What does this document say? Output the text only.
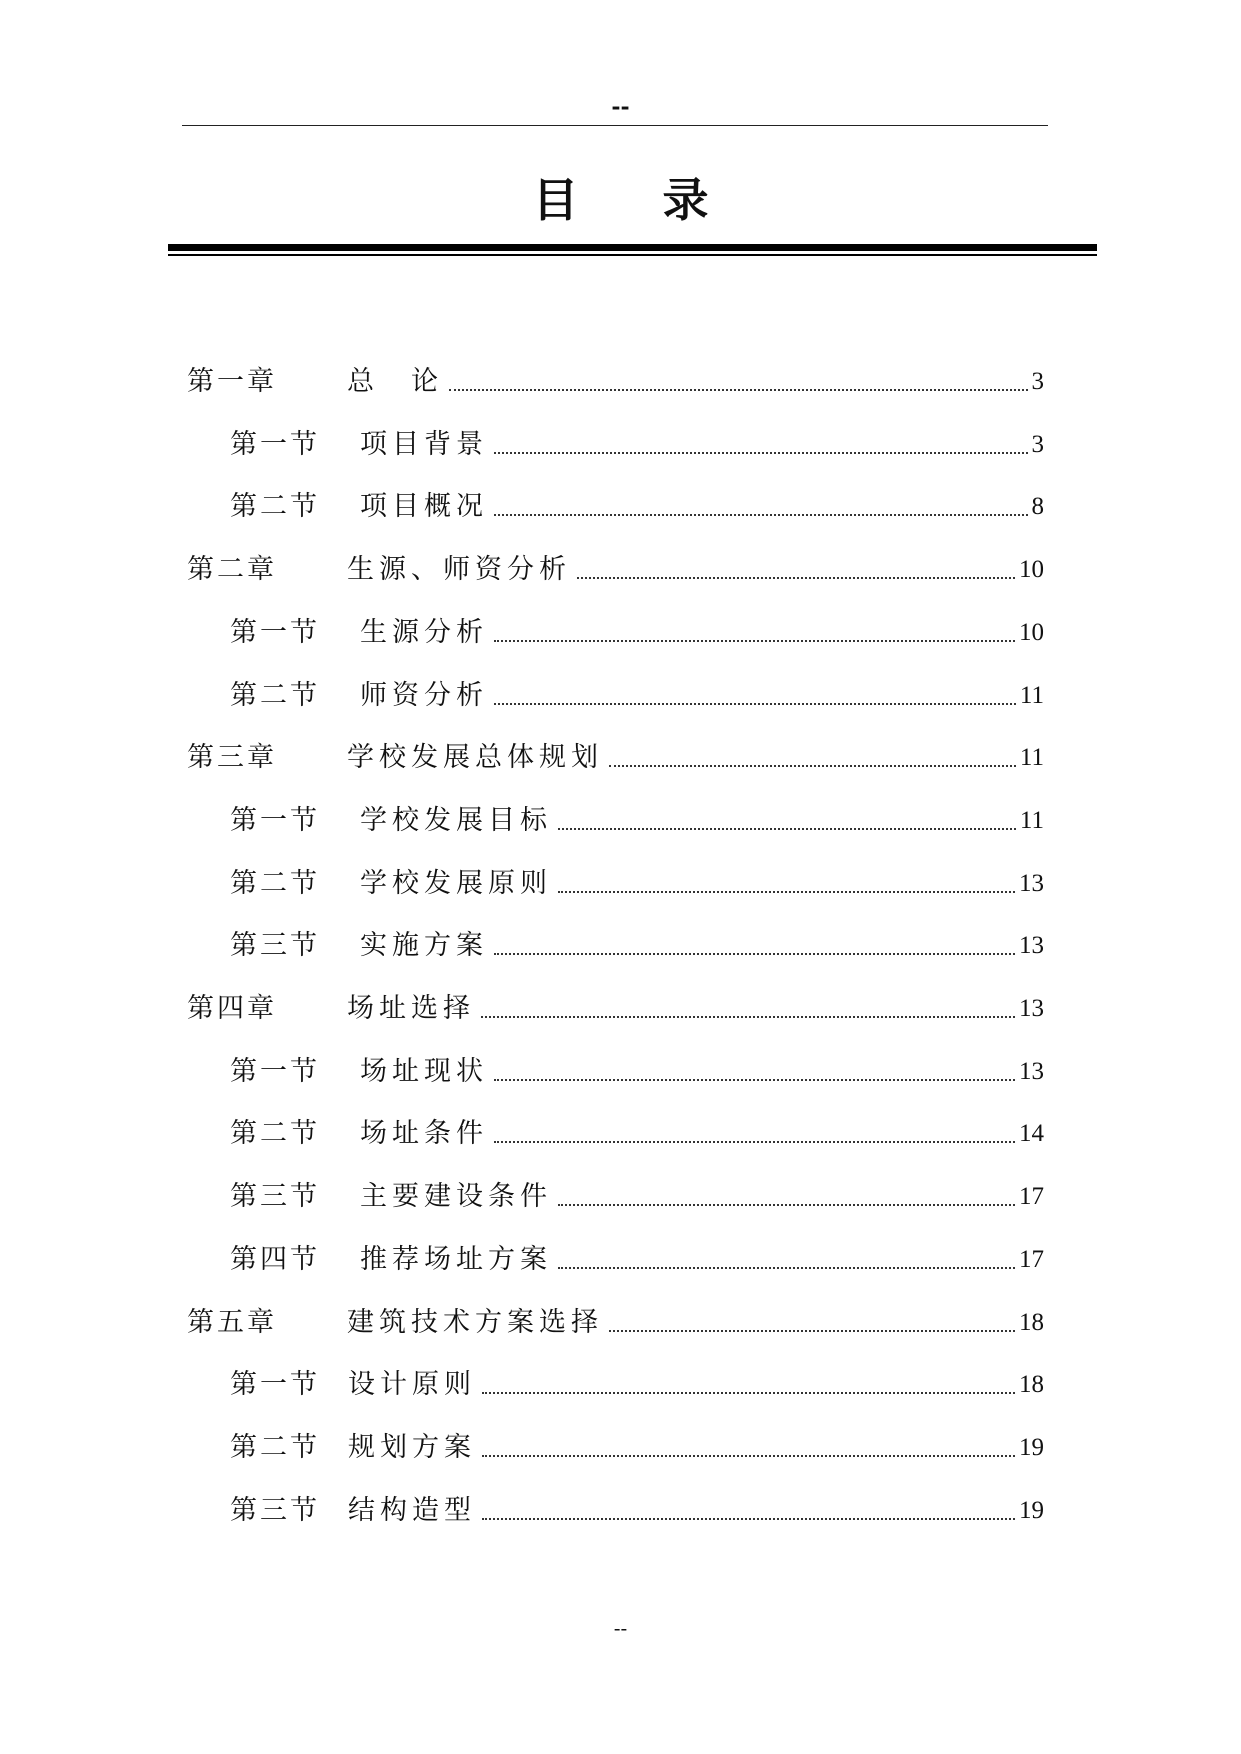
--
目录
第一章	总　论	3
第一节	项目背景	3
第二节	项目概况	8
第二章	生源、师资分析	10
第一节	生源分析	10
第二节	师资分析	11
第三章	学校发展总体规划	11
第一节	学校发展目标	11
第二节	学校发展原则	13
第三节	实施方案	13
第四章	场址选择	13
第一节	场址现状	13
第二节	场址条件	14
第三节	主要建设条件	17
第四节	推荐场址方案	17
第五章	建筑技术方案选择	18
第一节	设计原则	18
第二节	规划方案	19
第三节	结构造型	19
--
